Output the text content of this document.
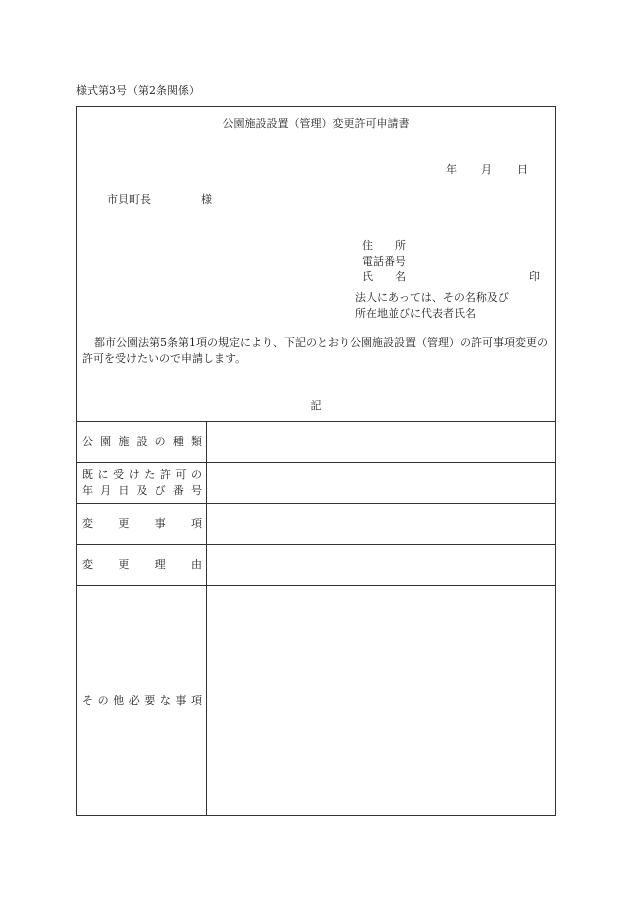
様式第3号（第2条関係）
公園施設設置（管理）変更許可申請書
年 月 日
市貝町長	様
住　　所
電話番号
氏　　名	印
法人にあっては、その名称及び
所在地並びに代表者氏名
都市公園法第5条第1項の規定により、下記のとおり公園施設設置（管理）の許可事項変更の許可を受けたいので申請します。
記
公園施設の種類
既に受けた許可の
年月日及び番号
変更事項
変更理由
その他必要な事項
